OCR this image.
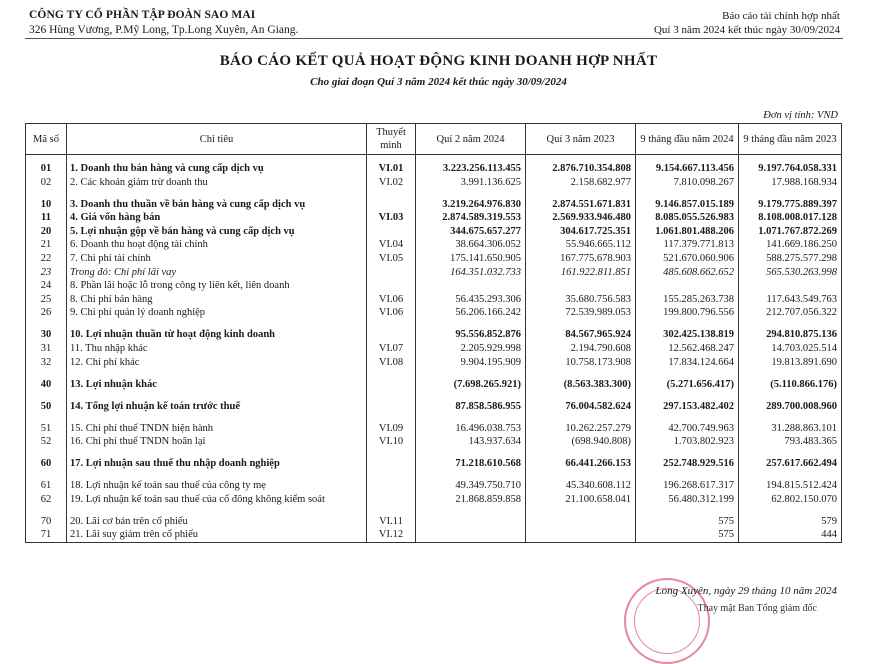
CÔNG TY CỔ PHẦN TẬP ĐOÀN SAO MAI
326 Hùng Vương, P.Mỹ Long, Tp.Long Xuyên, An Giang.
Báo cáo tài chính hợp nhất
Quí 3 năm 2024 kết thúc ngày 30/09/2024
BÁO CÁO KẾT QUẢ HOẠT ĐỘNG KINH DOANH HỢP NHẤT
Cho giai đoạn Quí 3 năm 2024 kết thúc ngày 30/09/2024
Đơn vị tính: VND
Mã số	Chỉ tiêu	Thuyết minh	Quí 2 năm 2024	Quí 3 năm 2023	9 tháng đầu năm 2024	9 tháng đầu năm 2023

01	1. Doanh thu bán hàng và cung cấp dịch vụ	VI.01	3.223.256.113.455	2.876.710.354.808	9.154.667.113.456	9.197.764.058.331
02	2. Các khoản giảm trừ doanh thu	VI.02	3.991.136.625	2.158.682.977	7.810.098.267	17.988.168.934
10	3. Doanh thu thuần về bán hàng và cung cấp dịch vụ		3.219.264.976.830	2.874.551.671.831	9.146.857.015.189	9.179.775.889.397
11	4. Giá vốn hàng bán	VI.03	2.874.589.319.553	2.569.933.946.480	8.085.055.526.983	8.108.008.017.128
20	5. Lợi nhuận gộp về bán hàng và cung cấp dịch vụ		344.675.657.277	304.617.725.351	1.061.801.488.206	1.071.767.872.269
21	6. Doanh thu hoạt động tài chính	VI.04	38.664.306.052	55.946.665.112	117.379.771.813	141.669.186.250
22	7. Chi phí tài chính	VI.05	175.141.650.905	167.775.678.903	521.670.060.906	588.275.577.298
23	Trong đó: Chi phí lãi vay		164.351.032.733	161.922.811.851	485.608.662.652	565.530.263.998
24	8. Phần lãi hoặc lỗ trong công ty liên kết, liên doanh					
25	8. Chi phí bán hàng	VI.06	56.435.293.306	35.680.756.583	155.285.263.738	117.643.549.763
26	9. Chi phí quản lý doanh nghiệp	VI.06	56.206.166.242	72.539.989.053	199.800.796.556	212.707.056.322
30	10. Lợi nhuận thuần từ hoạt động kinh doanh		95.556.852.876	84.567.965.924	302.425.138.819	294.810.875.136
31	11. Thu nhập khác	VI.07	2.205.929.998	2.194.790.608	12.562.468.247	14.703.025.514
32	12. Chi phí khác	VI.08	9.904.195.909	10.758.173.908	17.834.124.664	19.813.891.690
40	13. Lợi nhuận khác		(7.698.265.921)	(8.563.383.300)	(5.271.656.417)	(5.110.866.176)
50	14. Tổng lợi nhuận kế toán trước thuế		87.858.586.955	76.004.582.624	297.153.482.402	289.700.008.960
51	15. Chi phí thuế TNDN hiện hành	VI.09	16.496.038.753	10.262.257.279	42.700.749.963	31.288.863.101
52	16. Chi phí thuế TNDN hoãn lại	VI.10	143.937.634	(698.940.808)	1.703.802.923	793.483.365
60	17. Lợi nhuận sau thuế thu nhập doanh nghiệp		71.218.610.568	66.441.266.153	252.748.929.516	257.617.662.494
61	18. Lợi nhuận kế toán sau thuế của công ty mẹ		49.349.750.710	45.340.608.112	196.268.617.317	194.815.512.424
62	19. Lợi nhuận kế toán sau thuế của cổ đông không kiểm soát		21.868.859.858	21.100.658.041	56.480.312.199	62.802.150.070
70	20. Lãi cơ bản trên cổ phiếu	VI.11			575	579
71	21. Lãi suy giảm trên cổ phiếu	VI.12			575	444
Long Xuyên, ngày 29 tháng 10 năm 2024
Thay mặt Ban Tổng giám đốc
